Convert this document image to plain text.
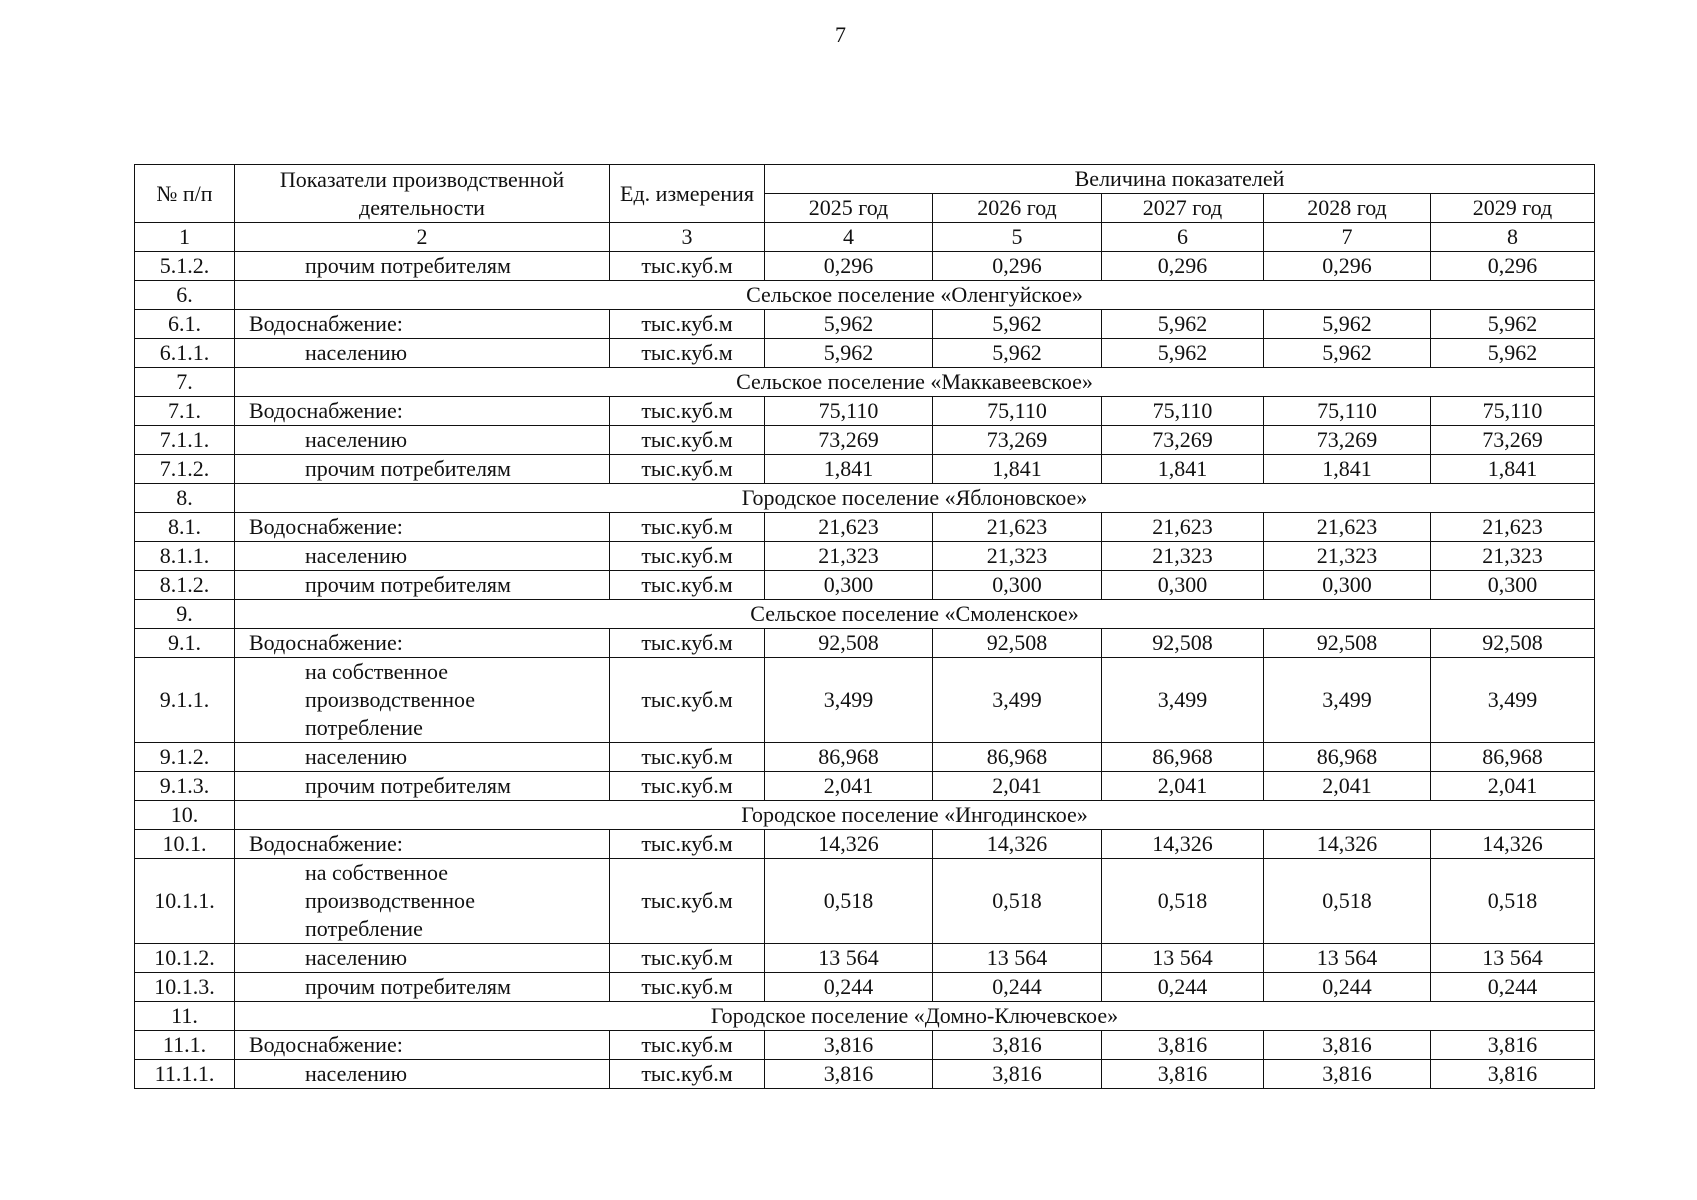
7
№ п/п	Показатели производственной деятельности	Ед. измерения	Величина показателей				
			2025 год	2026 год	2027 год	2028 год	2029 год
1	2	3	4	5	6	7	8
5.1.2.	прочим потребителям	тыс.куб.м	0,296	0,296	0,296	0,296	0,296
6.	Сельское поселение «Оленгуйское»						
6.1.	Водоснабжение:	тыс.куб.м	5,962	5,962	5,962	5,962	5,962
6.1.1.	населению	тыс.куб.м	5,962	5,962	5,962	5,962	5,962
7.	Сельское поселение «Маккавеевское»						
7.1.	Водоснабжение:	тыс.куб.м	75,110	75,110	75,110	75,110	75,110
7.1.1.	населению	тыс.куб.м	73,269	73,269	73,269	73,269	73,269
7.1.2.	прочим потребителям	тыс.куб.м	1,841	1,841	1,841	1,841	1,841
8.	Городское поселение «Яблоновское»						
8.1.	Водоснабжение:	тыс.куб.м	21,623	21,623	21,623	21,623	21,623
8.1.1.	населению	тыс.куб.м	21,323	21,323	21,323	21,323	21,323
8.1.2.	прочим потребителям	тыс.куб.м	0,300	0,300	0,300	0,300	0,300
9.	Сельское поселение «Смоленское»						
9.1.	Водоснабжение:	тыс.куб.м	92,508	92,508	92,508	92,508	92,508
9.1.1.	на собственное производственное потребление	тыс.куб.м	3,499	3,499	3,499	3,499	3,499
9.1.2.	населению	тыс.куб.м	86,968	86,968	86,968	86,968	86,968
9.1.3.	прочим потребителям	тыс.куб.м	2,041	2,041	2,041	2,041	2,041
10.	Городское поселение «Ингодинское»						
10.1.	Водоснабжение:	тыс.куб.м	14,326	14,326	14,326	14,326	14,326
10.1.1.	на собственное производственное потребление	тыс.куб.м	0,518	0,518	0,518	0,518	0,518
10.1.2.	населению	тыс.куб.м	13 564	13 564	13 564	13 564	13 564
10.1.3.	прочим потребителям	тыс.куб.м	0,244	0,244	0,244	0,244	0,244
11.	Городское поселение «Домно-Ключевское»						
11.1.	Водоснабжение:	тыс.куб.м	3,816	3,816	3,816	3,816	3,816
11.1.1.	населению	тыс.куб.м	3,816	3,816	3,816	3,816	3,816
